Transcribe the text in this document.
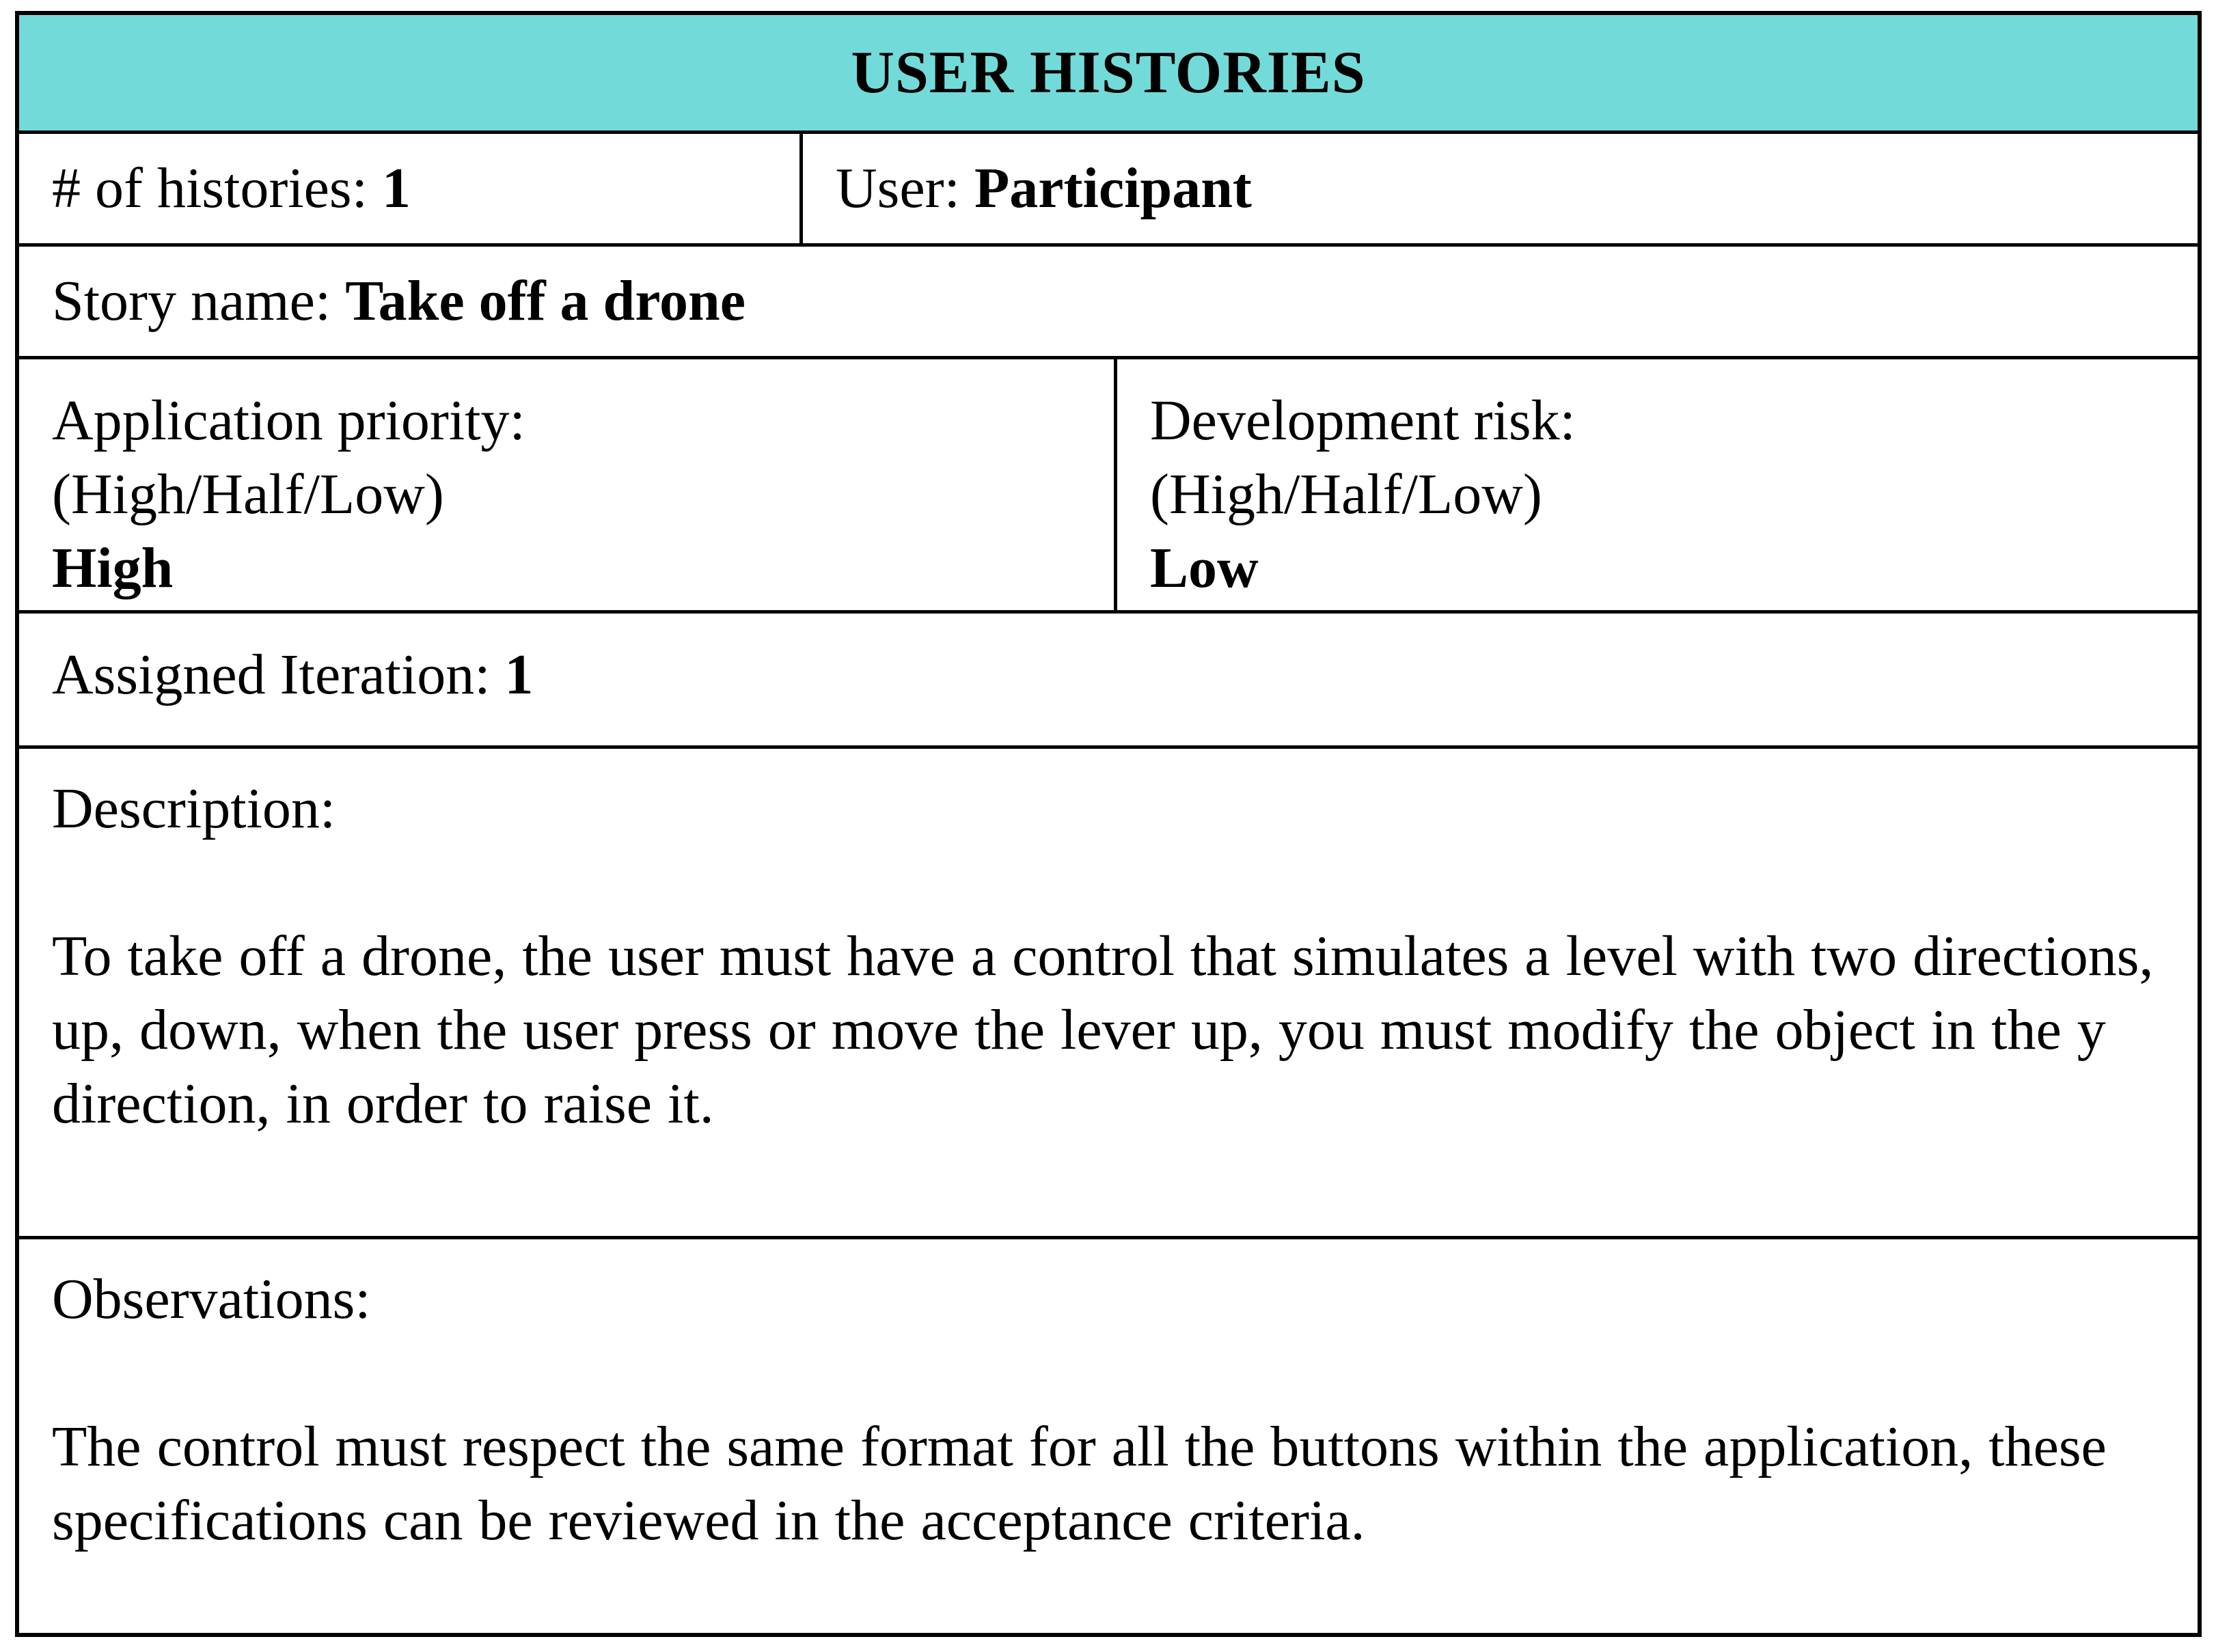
USER HISTORIES
# of histories: 1	User: Participant
Story name: Take off a drone
Application priority:
(High/Half/Low)
High
Development risk:
(High/Half/Low)
Low
Assigned Iteration: 1
Description:
To take off a drone, the user must have a control that simulates a level with two directions, up, down, when the user press or move the lever up, you must modify the object in the y direction, in order to raise it.
Observations:
The control must respect the same format for all the buttons within the application, these specifications can be reviewed in the acceptance criteria.
